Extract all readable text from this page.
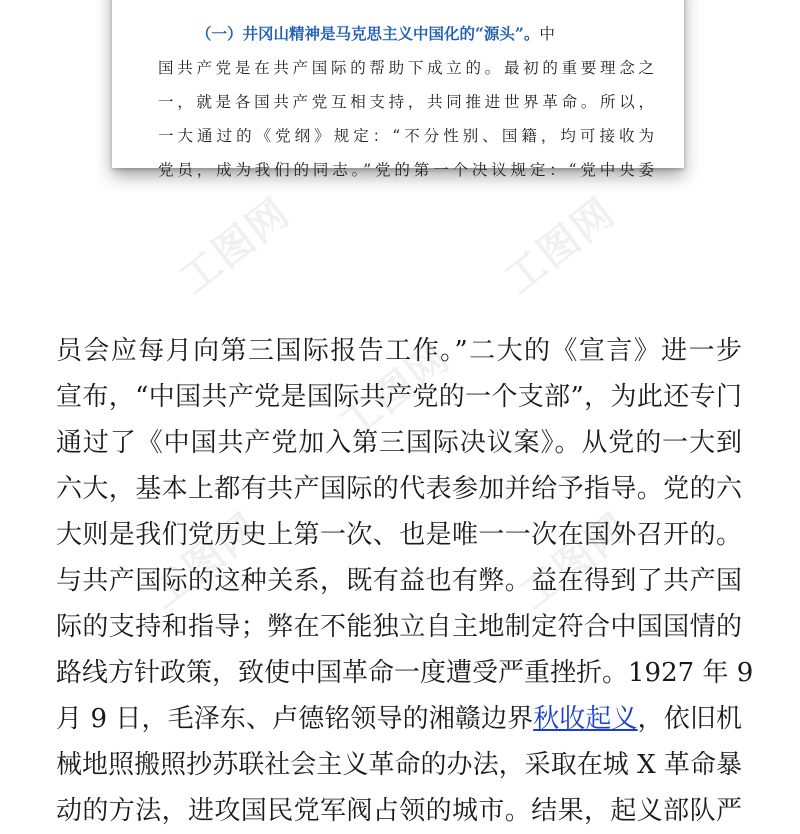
工图网	工图网
工图网
工图网	工图网
（一）井冈山精神是马克思主义中国化的“源头”。中
国共产党是在共产国际的帮助下成立的。最初的重要理念之
一，就是各国共产党互相支持，共同推进世界革命。所以，
一大通过的《党纲》规定：“不分性别、国籍，均可接收为
党员，成为我们的同志。”党的第一个决议规定：“党中央委
员会应每月向第三国际报告工作。”二大的《宣言》进一步
宣布，“中国共产党是国际共产党的一个支部”，为此还专门
通过了《中国共产党加入第三国际决议案》。从党的一大到
六大，基本上都有共产国际的代表参加并给予指导。党的六
大则是我们党历史上第一次、也是唯一一次在国外召开的。
与共产国际的这种关系，既有益也有弊。益在得到了共产国
际的支持和指导；弊在不能独立自主地制定符合中国国情的
路线方针政策，致使中国革命一度遭受严重挫折。1927 年 9
月 9 日，毛泽东、卢德铭领导的湘赣边界秋收起义，依旧机
械地照搬照抄苏联社会主义革命的办法，采取在城 X 革命暴
动的方法，进攻国民党军阀占领的城市。结果，起义部队严
